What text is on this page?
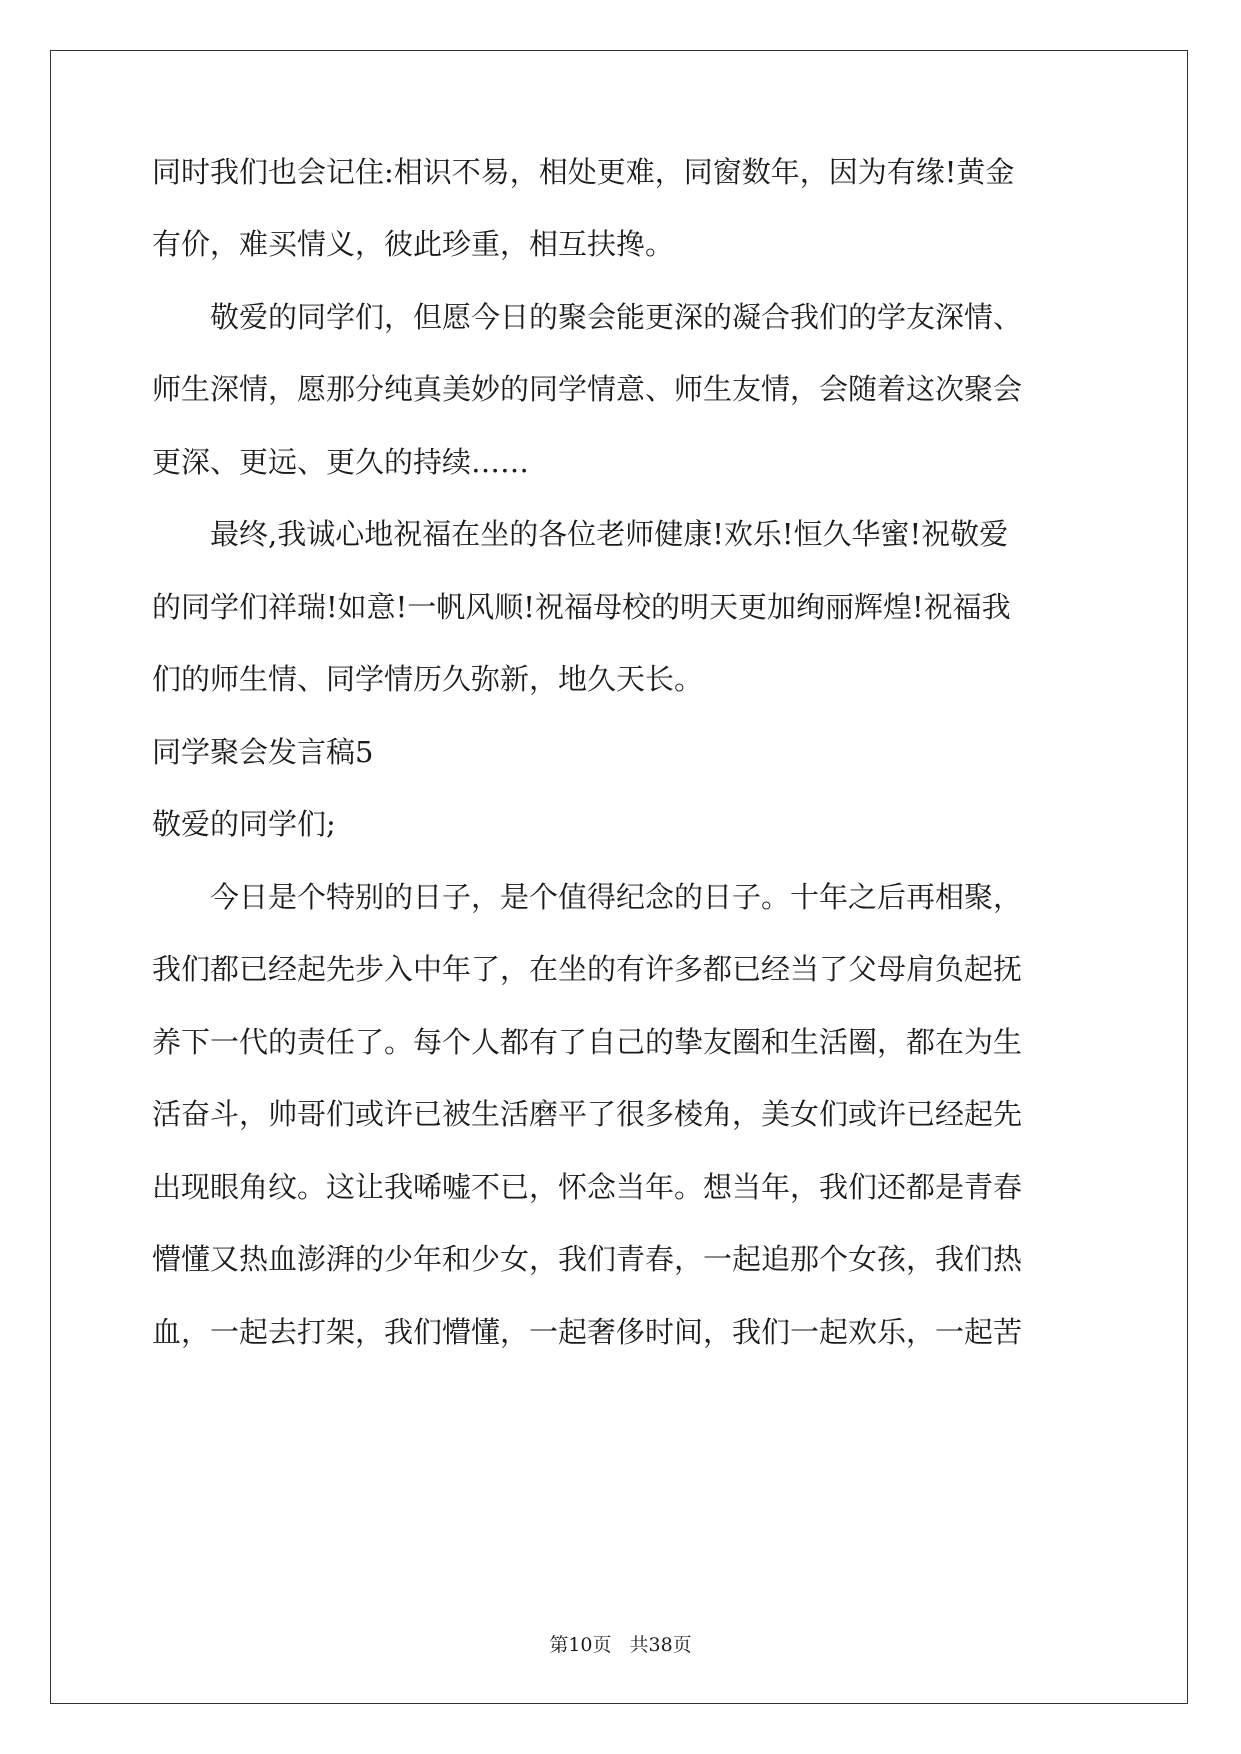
同时我们也会记住:相识不易，相处更难，同窗数年，因为有缘!黄金
有价，难买情义，彼此珍重，相互扶搀。
　　敬爱的同学们，但愿今日的聚会能更深的凝合我们的学友深情、
师生深情，愿那分纯真美妙的同学情意、师生友情，会随着这次聚会
更深、更远、更久的持续……
　　最终,我诚心地祝福在坐的各位老师健康!欢乐!恒久华蜜!祝敬爱
的同学们祥瑞!如意!一帆风顺!祝福母校的明天更加绚丽辉煌!祝福我
们的师生情、同学情历久弥新，地久天长。
同学聚会发言稿5
敬爱的同学们;
　　今日是个特别的日子，是个值得纪念的日子。十年之后再相聚，
我们都已经起先步入中年了，在坐的有许多都已经当了父母肩负起抚
养下一代的责任了。每个人都有了自己的挚友圈和生活圈，都在为生
活奋斗，帅哥们或许已被生活磨平了很多棱角，美女们或许已经起先
出现眼角纹。这让我唏嘘不已，怀念当年。想当年，我们还都是青春
懵懂又热血澎湃的少年和少女，我们青春，一起追那个女孩，我们热
血，一起去打架，我们懵懂，一起奢侈时间，我们一起欢乐，一起苦
第10页 共38页
